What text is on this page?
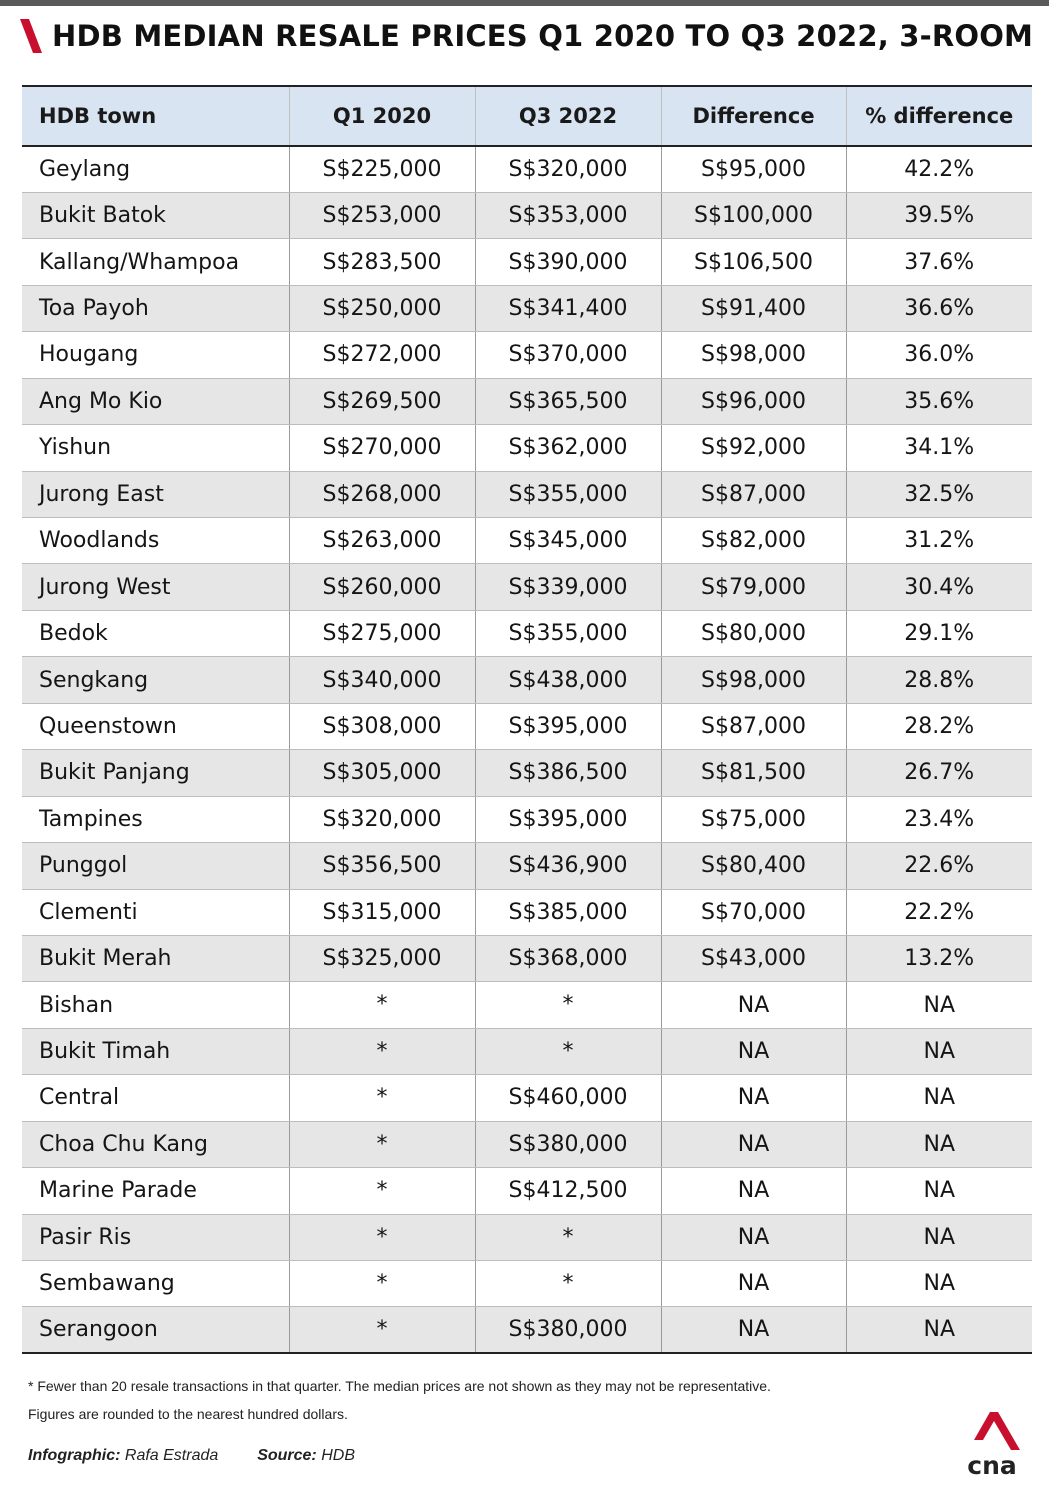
HDB MEDIAN RESALE PRICES Q1 2020 TO Q3 2022, 3-ROOM
HDB town	Q1 2020	Q3 2022	Difference	% difference
Geylang	S$225,000	S$320,000	S$95,000	42.2%
Bukit Batok	S$253,000	S$353,000	S$100,000	39.5%
Kallang/Whampoa	S$283,500	S$390,000	S$106,500	37.6%
Toa Payoh	S$250,000	S$341,400	S$91,400	36.6%
Hougang	S$272,000	S$370,000	S$98,000	36.0%
Ang Mo Kio	S$269,500	S$365,500	S$96,000	35.6%
Yishun	S$270,000	S$362,000	S$92,000	34.1%
Jurong East	S$268,000	S$355,000	S$87,000	32.5%
Woodlands	S$263,000	S$345,000	S$82,000	31.2%
Jurong West	S$260,000	S$339,000	S$79,000	30.4%
Bedok	S$275,000	S$355,000	S$80,000	29.1%
Sengkang	S$340,000	S$438,000	S$98,000	28.8%
Queenstown	S$308,000	S$395,000	S$87,000	28.2%
Bukit Panjang	S$305,000	S$386,500	S$81,500	26.7%
Tampines	S$320,000	S$395,000	S$75,000	23.4%
Punggol	S$356,500	S$436,900	S$80,400	22.6%
Clementi	S$315,000	S$385,000	S$70,000	22.2%
Bukit Merah	S$325,000	S$368,000	S$43,000	13.2%
Bishan	*	*	NA	NA
Bukit Timah	*	*	NA	NA
Central	*	S$460,000	NA	NA
Choa Chu Kang	*	S$380,000	NA	NA
Marine Parade	*	S$412,500	NA	NA
Pasir Ris	*	*	NA	NA
Sembawang	*	*	NA	NA
Serangoon	*	S$380,000	NA	NA
* Fewer than 20 resale transactions in that quarter. The median prices are not shown as they may not be representative.
Figures are rounded to the nearest hundred dollars.
Infographic: Rafa Estrada Source: HDB	cna
